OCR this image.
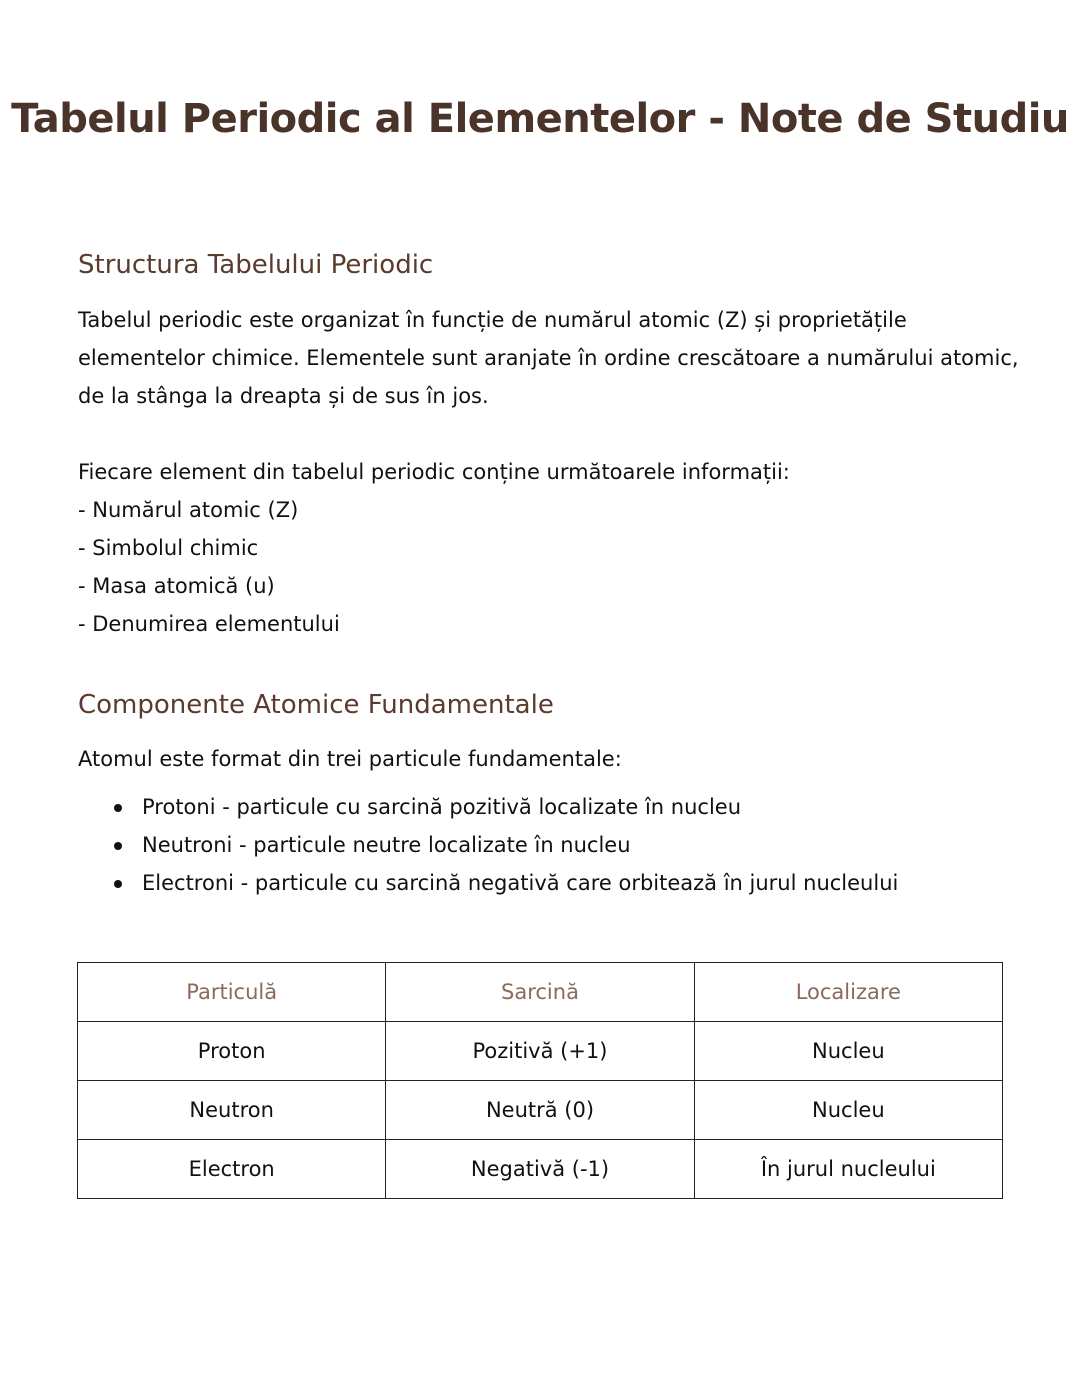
Tabelul Periodic al Elementelor - Note de Studiu
Structura Tabelului Periodic

Tabelul periodic este organizat în funcție de numărul atomic (Z) și proprietățile
elementelor chimice. Elementele sunt aranjate în ordine crescătoare a numărului atomic,
de la stânga la dreapta și de sus în jos.

Fiecare element din tabelul periodic conține următoarele informații:
- Numărul atomic (Z)
- Simbolul chimic
- Masa atomică (u)
- Denumirea elementului
Componente Atomice Fundamentale

Atomul este format din trei particule fundamentale:

Protoni - particule cu sarcină pozitivă localizate în nucleu
Neutroni - particule neutre localizate în nucleu
Electroni - particule cu sarcină negativă care orbitează în jurul nucleului
Particulă	Sarcină	Localizare
Proton	Pozitivă (+1)	Nucleu
Neutron	Neutră (0)	Nucleu
Electron	Negativă (-1)	În jurul nucleului
